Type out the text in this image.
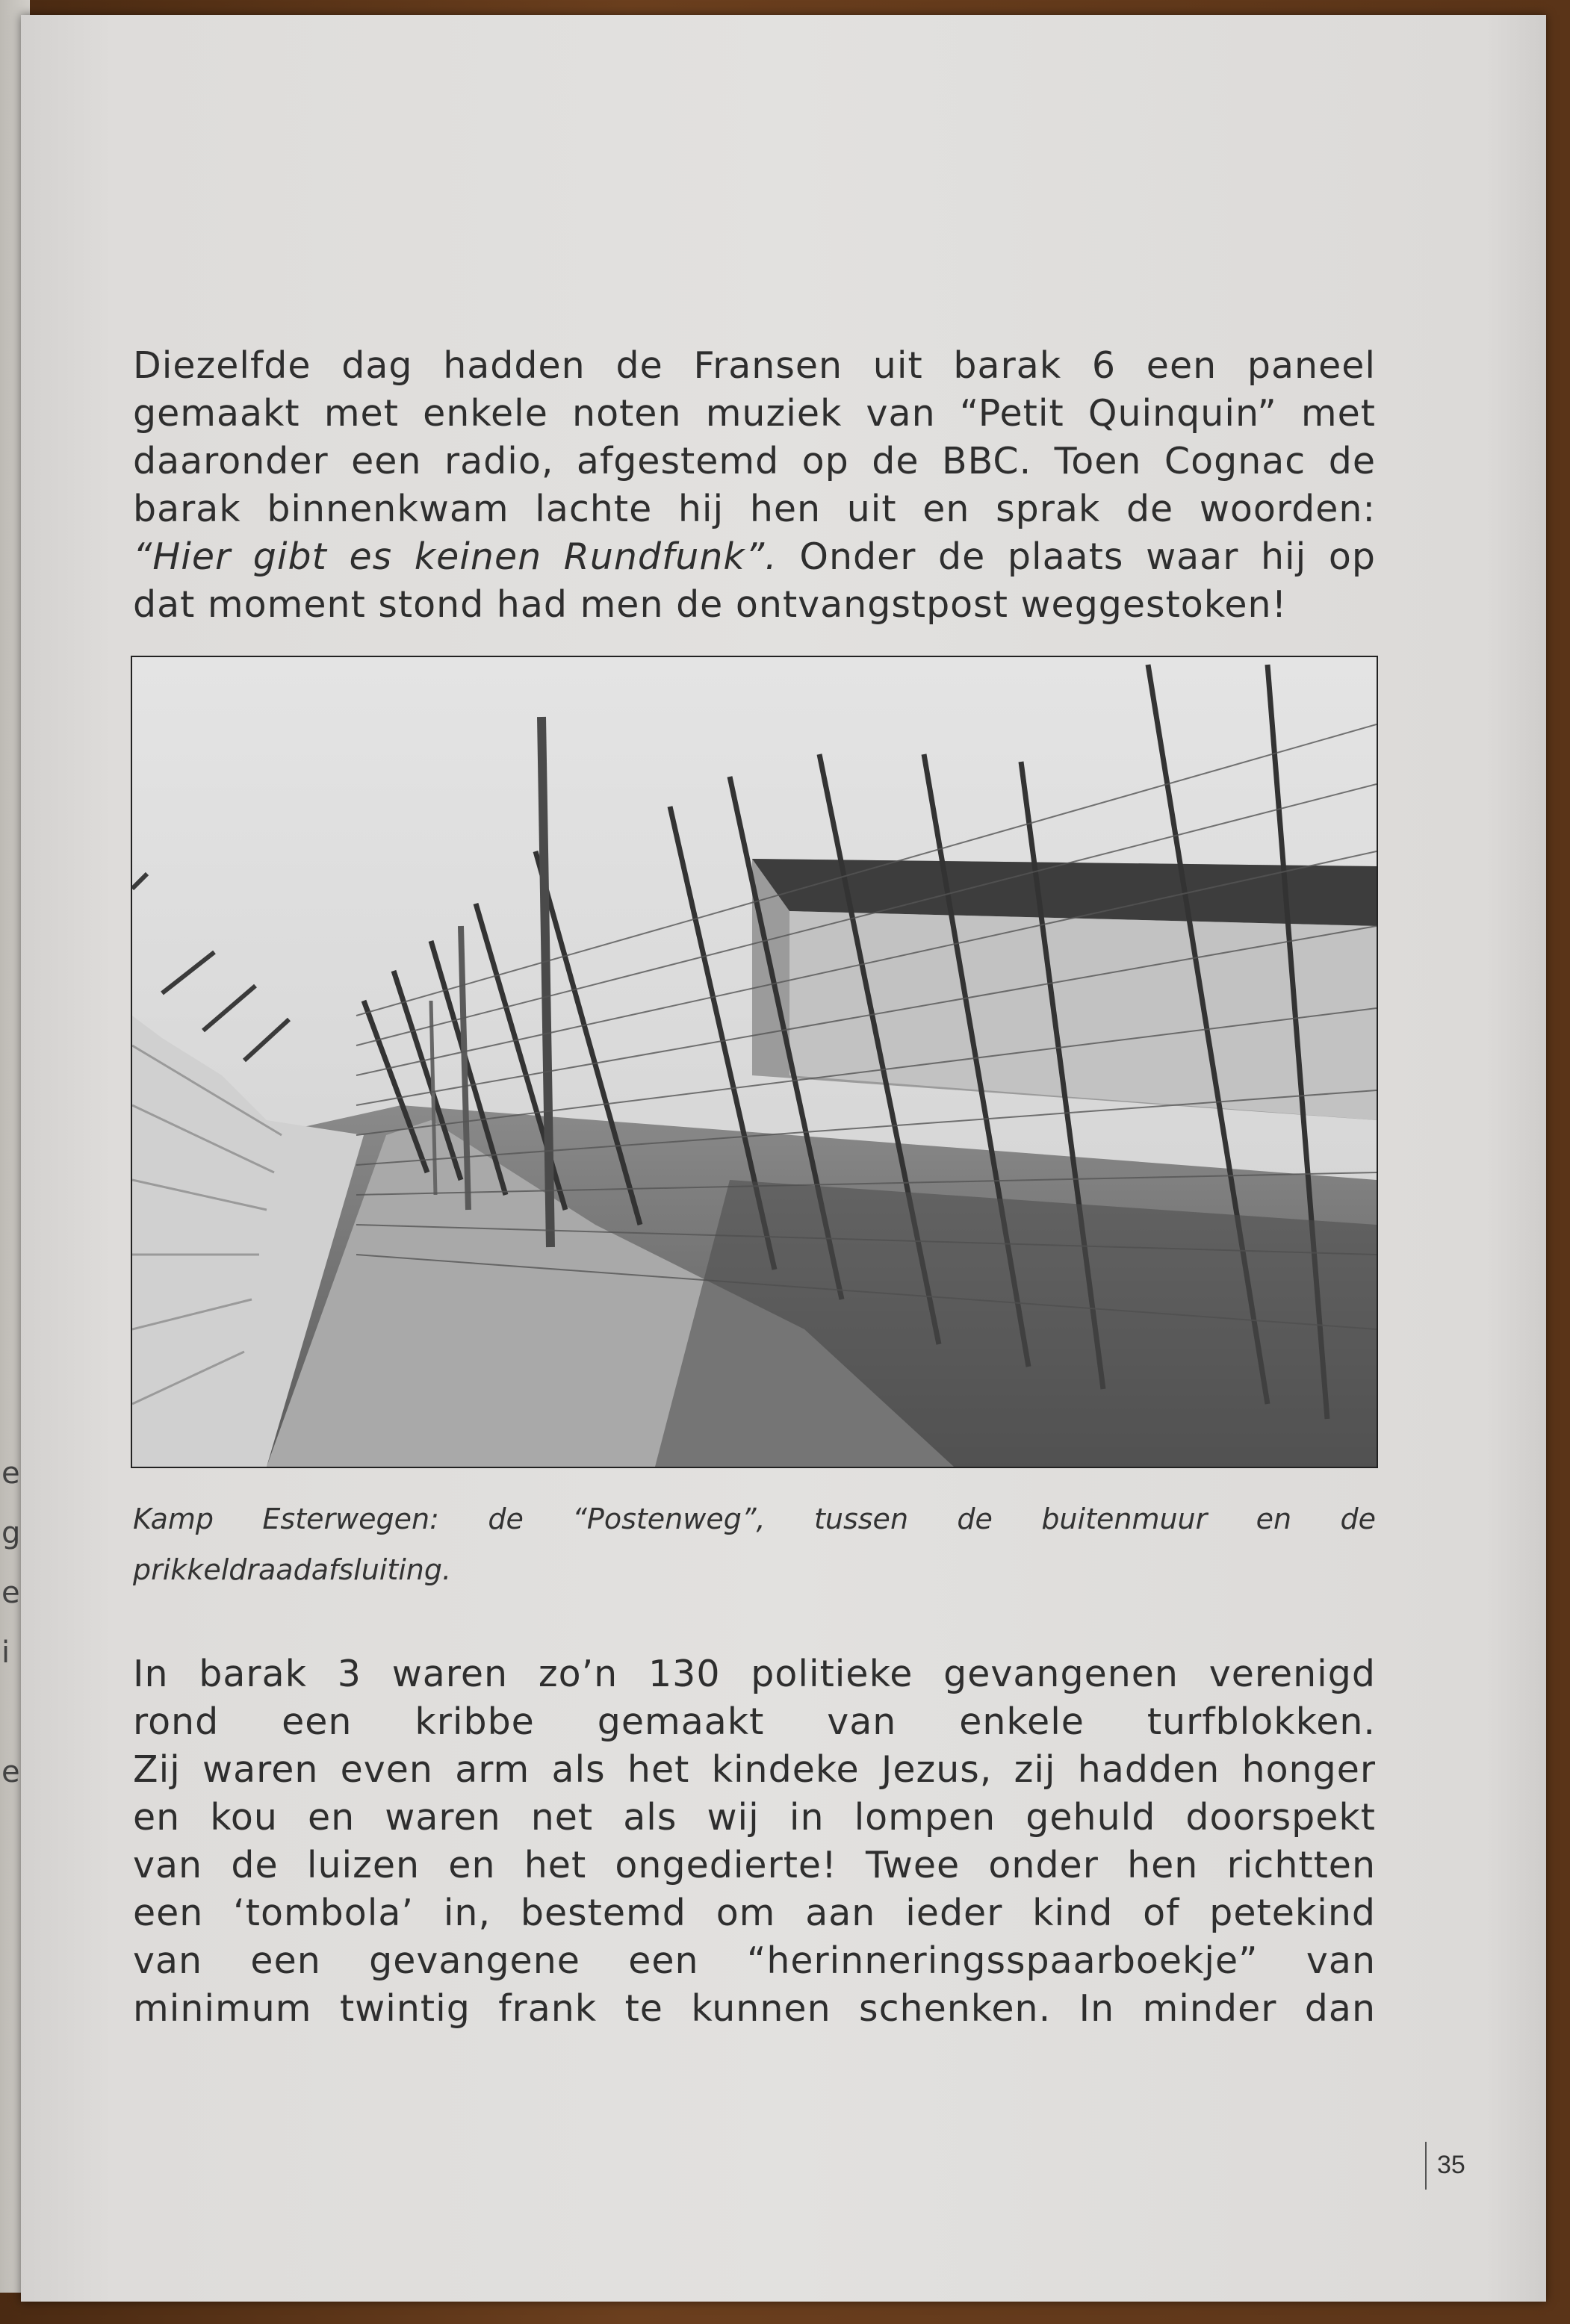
e
g
e
i
e
Diezelfde dag hadden de Fransen uit barak 6 een paneel
gemaakt met enkele noten muziek van “Petit Quinquin” met
daaronder een radio, afgestemd op de BBC. Toen Cognac de
barak binnenkwam lachte hij hen uit en sprak de woorden:
“Hier gibt es keinen Rundfunk”. Onder de plaats waar hij op
dat moment stond had men de ontvangstpost weggestoken!
Kamp Esterwegen: de “Postenweg”, tussen de buitenmuur en de
prikkeldraadafsluiting.
In barak 3 waren zo’n 130 politieke gevangenen verenigd
rond een kribbe gemaakt van enkele turfblokken.
Zij waren even arm als het kindeke Jezus, zij hadden honger
en kou en waren net als wij in lompen gehuld doorspekt
van de luizen en het ongedierte! Twee onder hen richtten
een ‘tombola’ in, bestemd om aan ieder kind of petekind
van een gevangene een “herinneringsspaarboekje” van
minimum twintig frank te kunnen schenken. In minder dan
35
